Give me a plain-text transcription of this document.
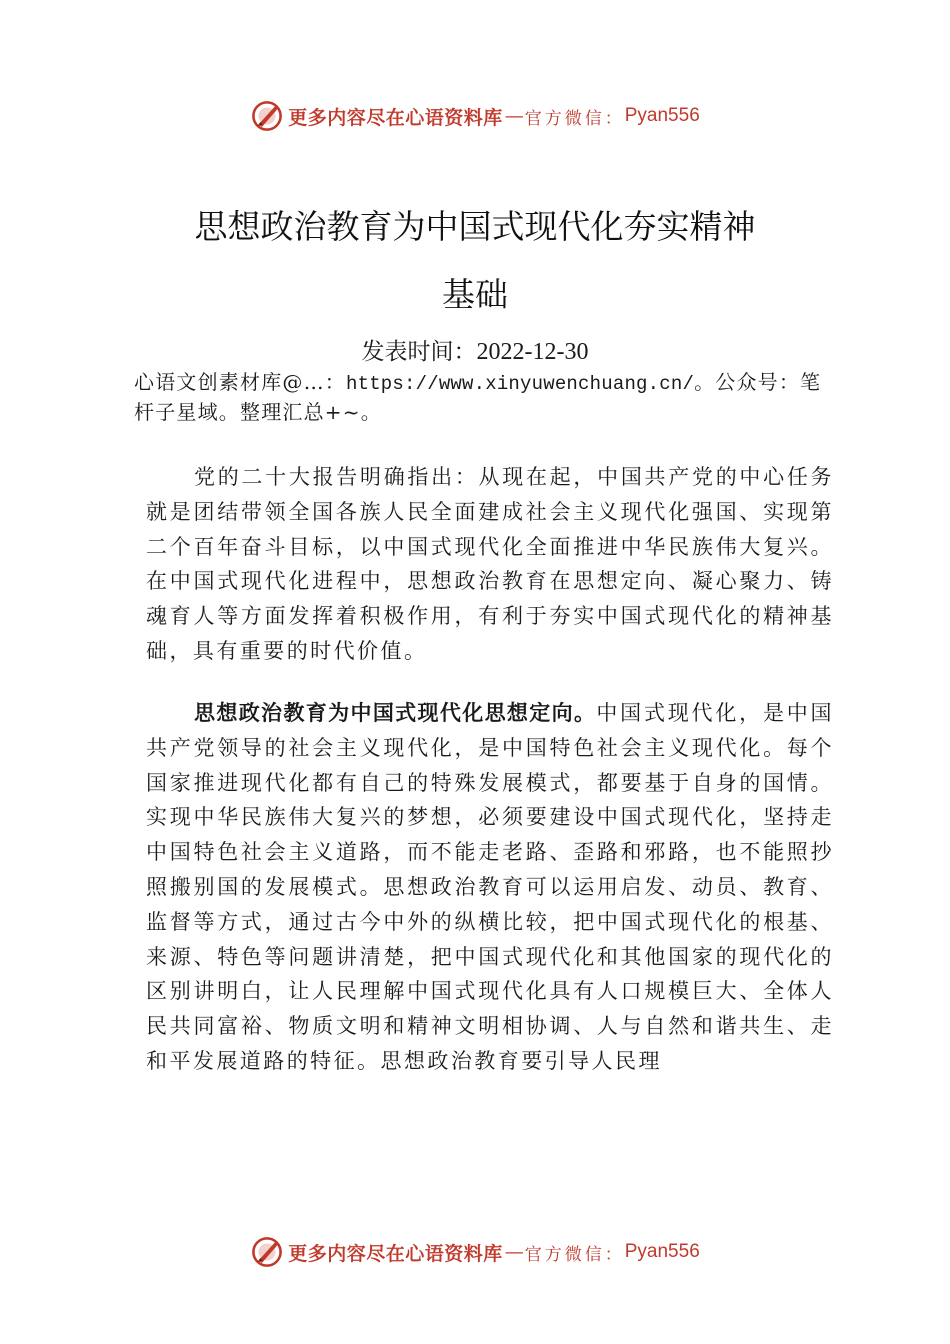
更多内容尽在心语资料库 — 官方微信： Pyan556
思想政治教育为中国式现代化夯实精神
基础
发表时间：2022-12-30
心语文创素材库@…：https://www.xinyuwenchuang.cn/。公众号：笔杆子星域。整理汇总+~。

党的二十大报告明确指出：从现在起，中国共产党的中心任务就是团结带领全国各族人民全面建成社会主义现代化强国、实现第二个百年奋斗目标，以中国式现代化全面推进中华民族伟大复兴。在中国式现代化进程中，思想政治教育在思想定向、凝心聚力、铸魂育人等方面发挥着积极作用，有利于夯实中国式现代化的精神基础，具有重要的时代价值。

思想政治教育为中国式现代化思想定向。中国式现代化，是中国共产党领导的社会主义现代化，是中国特色社会主义现代化。每个国家推进现代化都有自己的特殊发展模式，都要基于自身的国情。实现中华民族伟大复兴的梦想，必须要建设中国式现代化，坚持走中国特色社会主义道路，而不能走老路、歪路和邪路，也不能照抄照搬别国的发展模式。思想政治教育可以运用启发、动员、教育、监督等方式，通过古今中外的纵横比较，把中国式现代化的根基、来源、特色等问题讲清楚，把中国式现代化和其他国家的现代化的区别讲明白，让人民理解中国式现代化具有人口规模巨大、全体人民共同富裕、物质文明和精神文明相协调、人与自然和谐共生、走和平发展道路的特征。思想政治教育要引导人民理

更多内容尽在心语资料库 — 官方微信： Pyan556
